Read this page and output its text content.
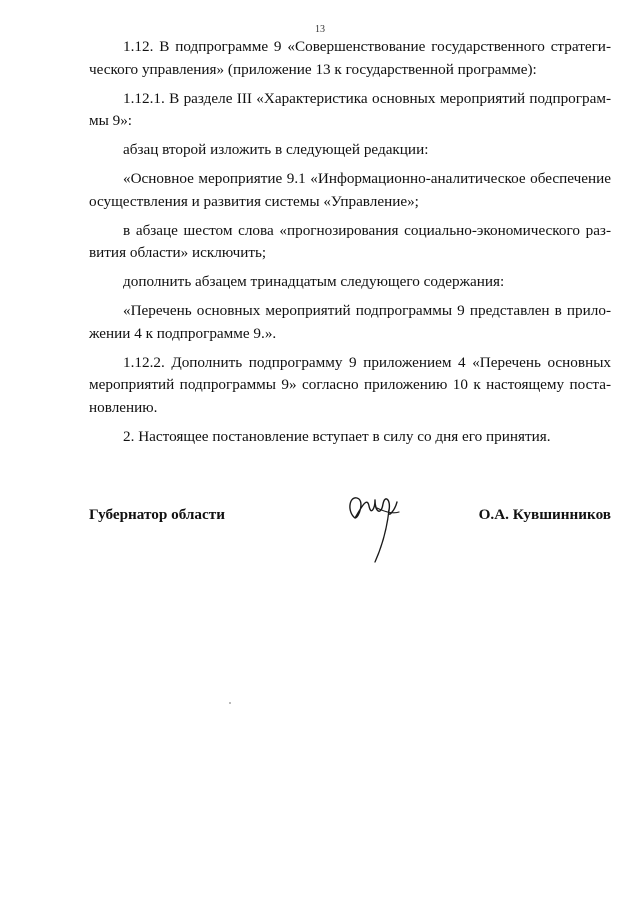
13

1.12. В подпрограмме 9 «Совершенствование государственного стратегического управления» (приложение 13 к государственной программе):

1.12.1. В разделе III «Характеристика основных мероприятий подпрограммы 9»:

абзац второй изложить в следующей редакции:

«Основное мероприятие 9.1 «Информационно-аналитическое обеспечение осуществления и развития системы «Управление»;

в абзаце шестом слова «прогнозирования социально-экономического развития области» исключить;

дополнить абзацем тринадцатым следующего содержания:

«Перечень основных мероприятий подпрограммы 9 представлен в приложении 4 к подпрограмме 9.».

1.12.2. Дополнить подпрограмму 9 приложением 4 «Перечень основных мероприятий подпрограммы 9» согласно приложению 10 к настоящему постановлению.

2. Настоящее постановление вступает в силу со дня его принятия.

Губернатор области	О.А. Кувшинников
